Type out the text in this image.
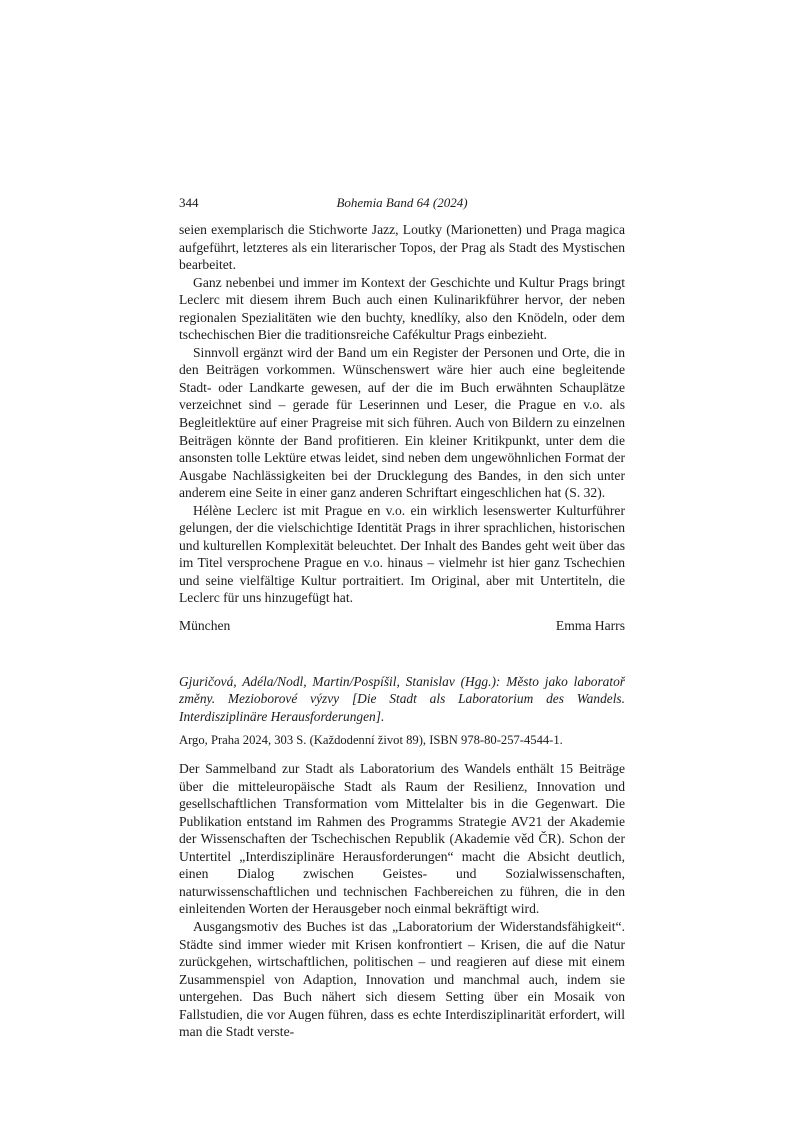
344	Bohemia Band 64 (2024)

seien exemplarisch die Stichworte Jazz, Loutky (Marionetten) und Praga magica aufgeführt, letzteres als ein literarischer Topos, der Prag als Stadt des Mystischen bearbeitet.

Ganz nebenbei und immer im Kontext der Geschichte und Kultur Prags bringt Leclerc mit diesem ihrem Buch auch einen Kulinarikführer hervor, der neben regionalen Spezialitäten wie den buchty, knedlíky, also den Knödeln, oder dem tschechischen Bier die traditionsreiche Cafékultur Prags einbezieht.

Sinnvoll ergänzt wird der Band um ein Register der Personen und Orte, die in den Beiträgen vorkommen. Wünschenswert wäre hier auch eine begleitende Stadt- oder Landkarte gewesen, auf der die im Buch erwähnten Schauplätze verzeichnet sind – gerade für Leserinnen und Leser, die Prague en v.o. als Begleitlektüre auf einer Pragreise mit sich führen. Auch von Bildern zu einzelnen Beiträgen könnte der Band profitieren. Ein kleiner Kritikpunkt, unter dem die ansonsten tolle Lektüre etwas leidet, sind neben dem ungewöhnlichen Format der Ausgabe Nachlässigkeiten bei der Drucklegung des Bandes, in den sich unter anderem eine Seite in einer ganz anderen Schriftart eingeschlichen hat (S. 32).

Hélène Leclerc ist mit Prague en v.o. ein wirklich lesenswerter Kulturführer gelungen, der die vielschichtige Identität Prags in ihrer sprachlichen, historischen und kulturellen Komplexität beleuchtet. Der Inhalt des Bandes geht weit über das im Titel versprochene Prague en v.o. hinaus – vielmehr ist hier ganz Tschechien und seine vielfältige Kultur portraitiert. Im Original, aber mit Untertiteln, die Leclerc für uns hinzugefügt hat.

München	Emma Harrs

Gjuričová, Adéla/Nodl, Martin/Pospíšil, Stanislav (Hgg.): Město jako laboratoř změny. Mezioborové výzvy [Die Stadt als Laboratorium des Wandels. Interdisziplinäre Herausforderungen].

Argo, Praha 2024, 303 S. (Každodenní život 89), ISBN 978-80-257-4544-1.

Der Sammelband zur Stadt als Laboratorium des Wandels enthält 15 Beiträge über die mitteleuropäische Stadt als Raum der Resilienz, Innovation und gesellschaftlichen Transformation vom Mittelalter bis in die Gegenwart. Die Publikation entstand im Rahmen des Programms Strategie AV21 der Akademie der Wissenschaften der Tschechischen Republik (Akademie věd ČR). Schon der Untertitel „Interdisziplinäre Herausforderungen“ macht die Absicht deutlich, einen Dialog zwischen Geistes- und Sozialwissenschaften, naturwissenschaftlichen und technischen Fachbereichen zu führen, die in den einleitenden Worten der Herausgeber noch einmal bekräftigt wird.

Ausgangsmotiv des Buches ist das „Laboratorium der Widerstandsfähigkeit“. Städte sind immer wieder mit Krisen konfrontiert – Krisen, die auf die Natur zurückgehen, wirtschaftlichen, politischen – und reagieren auf diese mit einem Zusammenspiel von Adaption, Innovation und manchmal auch, indem sie untergehen. Das Buch nähert sich diesem Setting über ein Mosaik von Fallstudien, die vor Augen führen, dass es echte Interdisziplinarität erfordert, will man die Stadt verste-
